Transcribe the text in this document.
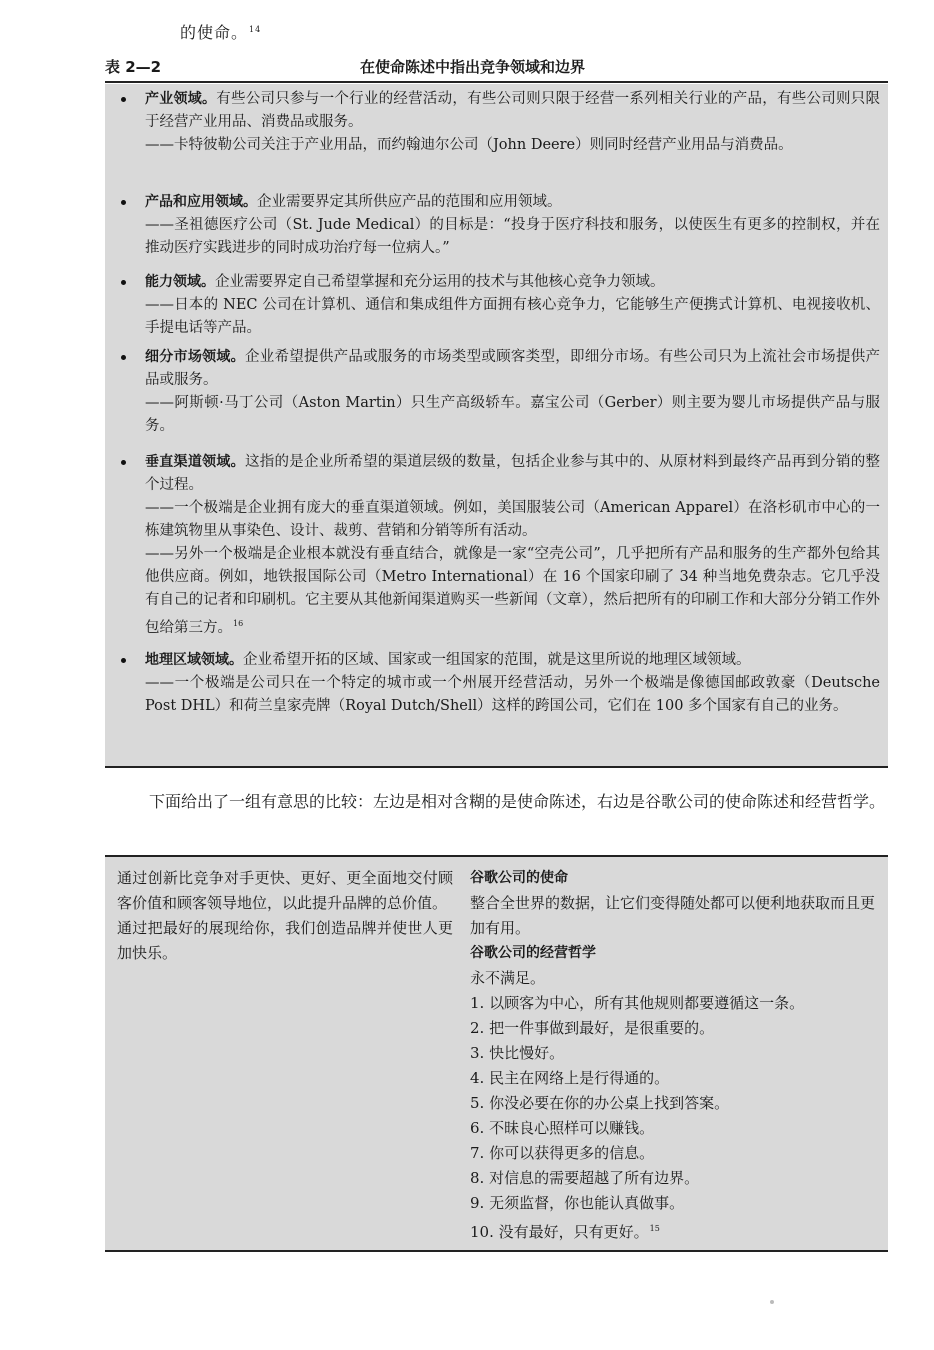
的使命。$^{14}$
表 2—2	在使命陈述中指出竞争领域和边界
产业领域。有些公司只参与一个行业的经营活动，有些公司则只限于经营一系列相关行业的产品，有些公司则只限于经营产业用品、消费品或服务。
——卡特彼勒公司关注于产业用品，而约翰迪尔公司（John Deere）则同时经营产业用品与消费品。
产品和应用领域。企业需要界定其所供应产品的范围和应用领域。
——圣祖德医疗公司（St. Jude Medical）的目标是：“投身于医疗科技和服务，以使医生有更多的控制权，并在推动医疗实践进步的同时成功治疗每一位病人。”
能力领域。企业需要界定自己希望掌握和充分运用的技术与其他核心竞争力领域。
——日本的 NEC 公司在计算机、通信和集成组件方面拥有核心竞争力，它能够生产便携式计算机、电视接收机、手提电话等产品。
细分市场领域。企业希望提供产品或服务的市场类型或顾客类型，即细分市场。有些公司只为上流社会市场提供产品或服务。
——阿斯顿·马丁公司（Aston Martin）只生产高级轿车。嘉宝公司（Gerber）则主要为婴儿市场提供产品与服务。
垂直渠道领域。这指的是企业所希望的渠道层级的数量，包括企业参与其中的、从原材料到最终产品再到分销的整个过程。
——一个极端是企业拥有庞大的垂直渠道领域。例如，美国服装公司（American Apparel）在洛杉矶市中心的一栋建筑物里从事染色、设计、裁剪、营销和分销等所有活动。
——另外一个极端是企业根本就没有垂直结合，就像是一家“空壳公司”，几乎把所有产品和服务的生产都外包给其他供应商。例如，地铁报国际公司（Metro International）在 16 个国家印刷了 34 种当地免费杂志。它几乎没有自己的记者和印刷机。它主要从其他新闻渠道购买一些新闻（文章），然后把所有的印刷工作和大部分分销工作外包给第三方。$^{16}$
地理区域领域。企业希望开拓的区域、国家或一组国家的范围，就是这里所说的地理区域领域。
——一个极端是公司只在一个特定的城市或一个州展开经营活动，另外一个极端是像德国邮政敦豪（Deutsche Post DHL）和荷兰皇家壳牌（Royal Dutch/Shell）这样的跨国公司，它们在 100 多个国家有自己的业务。
下面给出了一组有意思的比较：左边是相对含糊的是使命陈述，右边是谷歌公司的使命陈述和经营哲学。
通过创新比竞争对手更快、更好、更全面地交付顾客价值和顾客领导地位，以此提升品牌的总价值。
通过把最好的展现给你，我们创造品牌并使世人更加快乐。
谷歌公司的使命
整合全世界的数据，让它们变得随处都可以便利地获取而且更加有用。
谷歌公司的经营哲学
永不满足。
1. 以顾客为中心，所有其他规则都要遵循这一条。
2. 把一件事做到最好，是很重要的。
3. 快比慢好。
4. 民主在网络上是行得通的。
5. 你没必要在你的办公桌上找到答案。
6. 不昧良心照样可以赚钱。
7. 你可以获得更多的信息。
8. 对信息的需要超越了所有边界。
9. 无须监督，你也能认真做事。
10. 没有最好，只有更好。$^{15}$
